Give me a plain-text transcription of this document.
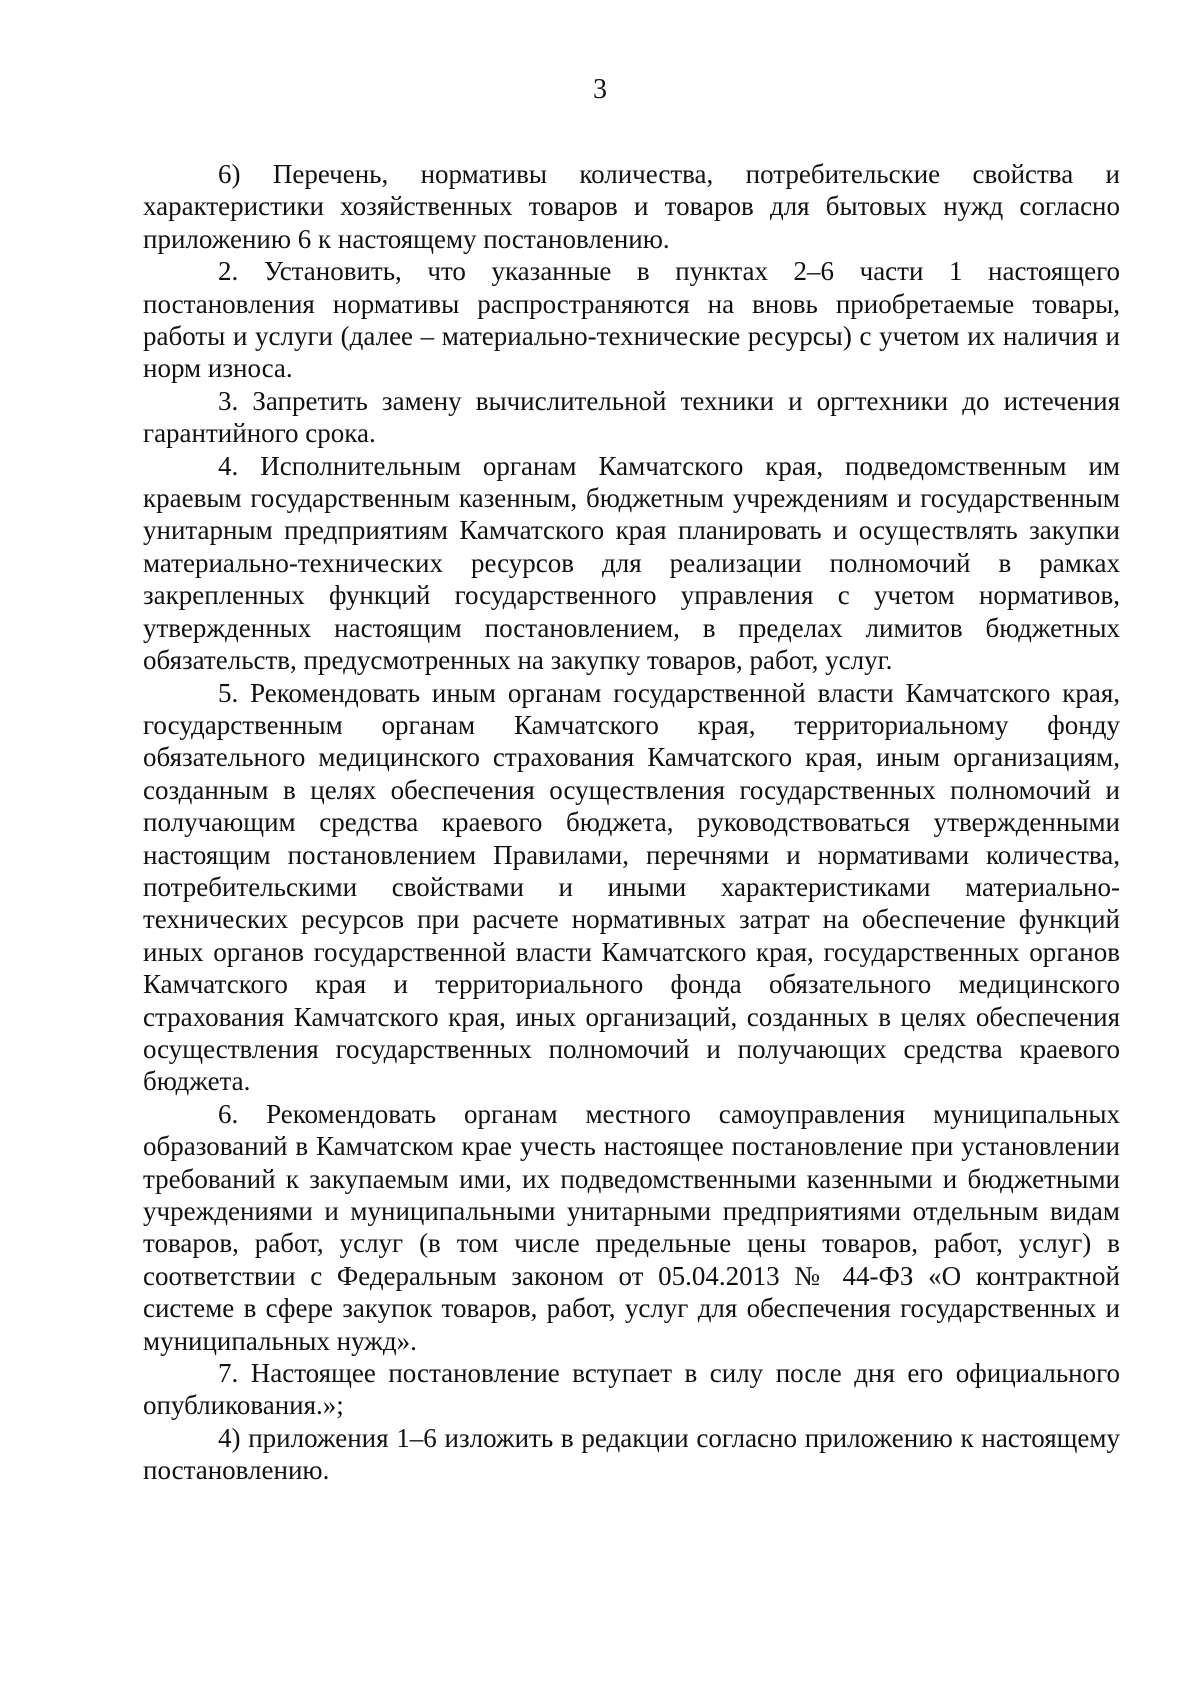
3

6) Перечень, нормативы количества, потребительские свойства и характеристики хозяйственных товаров и товаров для бытовых нужд согласно приложению 6 к настоящему постановлению.

2. Установить, что указанные в пунктах 2–6 части 1 настоящего постановления нормативы распространяются на вновь приобретаемые товары, работы и услуги (далее – материально-технические ресурсы) с учетом их наличия и норм износа.

3. Запретить замену вычислительной техники и оргтехники до истечения гарантийного срока.

4. Исполнительным органам Камчатского края, подведомственным им краевым государственным казенным, бюджетным учреждениям и государственным унитарным предприятиям Камчатского края планировать и осуществлять закупки материально-технических ресурсов для реализации полномочий в рамках закрепленных функций государственного управления с учетом нормативов, утвержденных настоящим постановлением, в пределах лимитов бюджетных обязательств, предусмотренных на закупку товаров, работ, услуг.

5. Рекомендовать иным органам государственной власти Камчатского края, государственным органам Камчатского края, территориальному фонду обязательного медицинского страхования Камчатского края, иным организациям, созданным в целях обеспечения осуществления государственных полномочий и получающим средства краевого бюджета, руководствоваться утвержденными настоящим постановлением Правилами, перечнями и нормативами количества, потребительскими свойствами и иными характеристиками материально-технических ресурсов при расчете нормативных затрат на обеспечение функций иных органов государственной власти Камчатского края, государственных органов Камчатского края и территориального фонда обязательного медицинского страхования Камчатского края, иных организаций, созданных в целях обеспечения осуществления государственных полномочий и получающих средства краевого бюджета.

6. Рекомендовать органам местного самоуправления муниципальных образований в Камчатском крае учесть настоящее постановление при установлении требований к закупаемым ими, их подведомственными казенными и бюджетными учреждениями и муниципальными унитарными предприятиями отдельным видам товаров, работ, услуг (в том числе предельные цены товаров, работ, услуг) в соответствии с Федеральным законом от 05.04.2013 № 44-ФЗ «О контрактной системе в сфере закупок товаров, работ, услуг для обеспечения государственных и муниципальных нужд».

7. Настоящее постановление вступает в силу после дня его официального опубликования.»;

4) приложения 1–6 изложить в редакции согласно приложению к настоящему постановлению.
